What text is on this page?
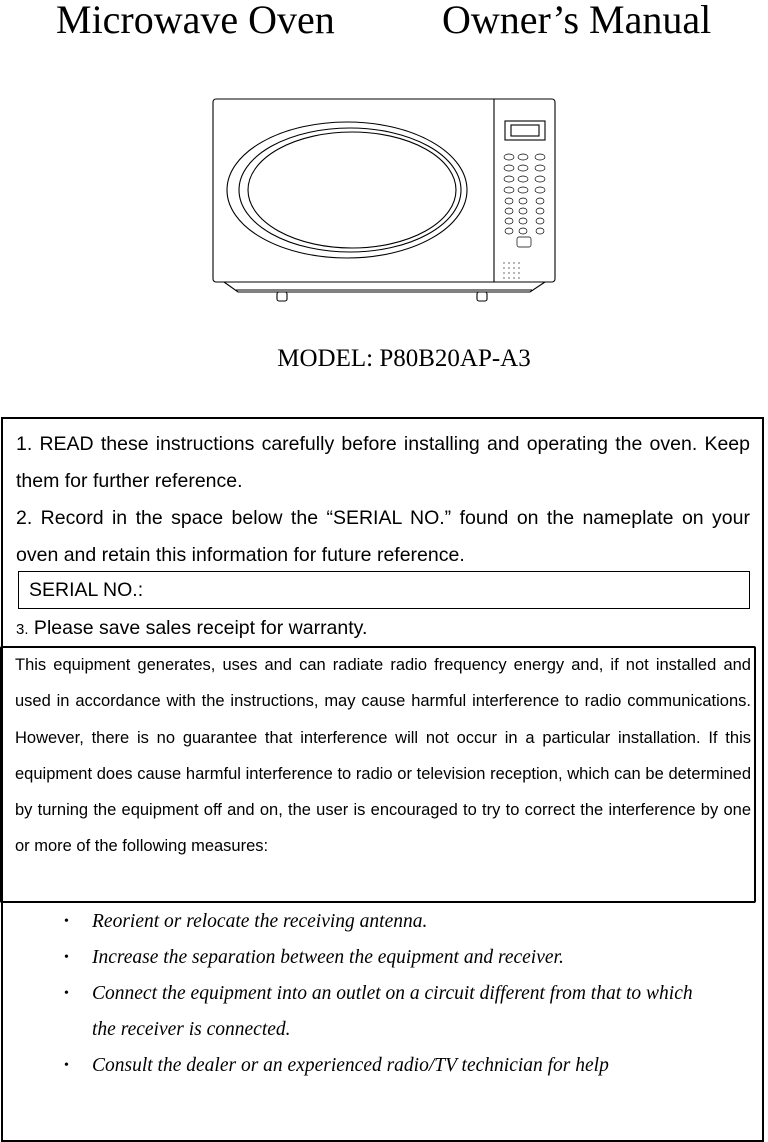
Microwave Oven	Owner’s Manual
MODEL: P80B20AP-A3
1. READ these instructions carefully before installing and operating the oven. Keep them for further reference.
2. Record in the space below the “SERIAL NO.” found on the nameplate on your oven and retain this information for future reference.
SERIAL NO.:
3. Please save sales receipt for warranty.
This equipment generates, uses and can radiate radio frequency energy and, if not installed and used in accordance with the instructions, may cause harmful interference to radio communications. However, there is no guarantee that interference will not occur in a particular installation. If this equipment does cause harmful interference to radio or television reception, which can be determined by turning the equipment off and on, the user is encouraged to try to correct the interference by one or more of the following measures:
• Reorient or relocate the receiving antenna.
• Increase the separation between the equipment and receiver.
• Connect the equipment into an outlet on a circuit different from that to which the receiver is connected.
• Consult the dealer or an experienced radio/TV technician for help
